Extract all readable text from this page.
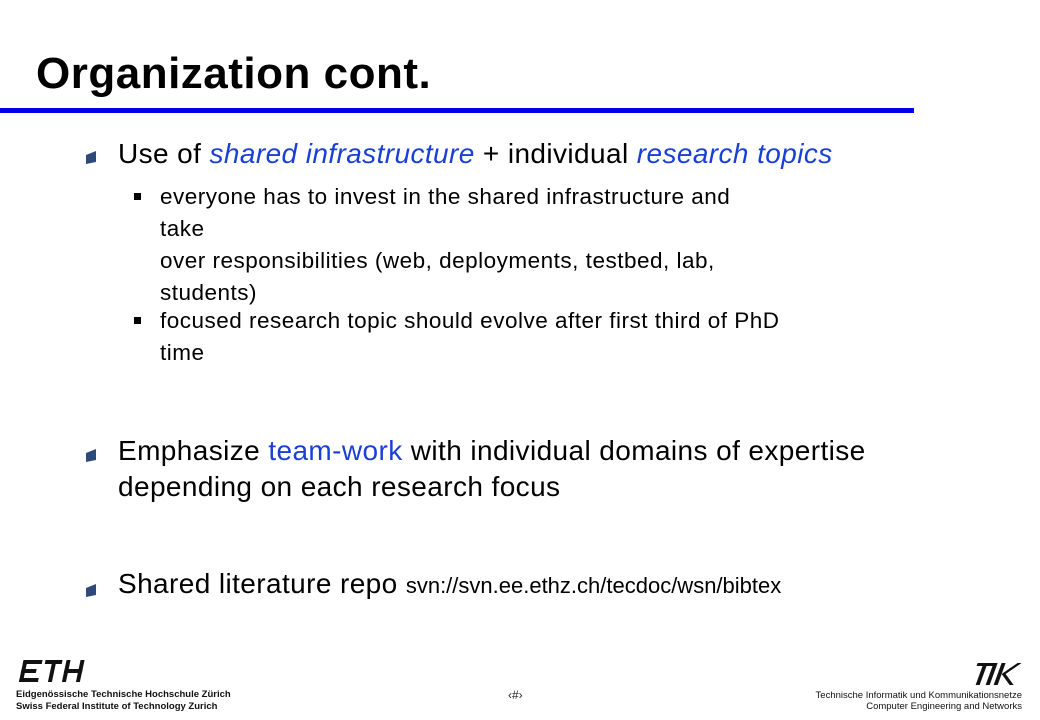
Organization cont.
Use of shared infrastructure + individual research topics
everyone has to invest in the shared infrastructure and take
over responsibilities (web, deployments, testbed, lab,
students)
focused research topic should evolve after first third of PhD
time
Emphasize team-work with individual domains of expertise
depending on each research focus
Shared literature repo svn://svn.ee.ethz.ch/tecdoc/wsn/bibtex
Eidgenössische Technische Hochschule Zürich
Swiss Federal Institute of Technology Zurich
‹#›	Technische Informatik und Kommunikationsnetze
Computer Engineering and Networks
